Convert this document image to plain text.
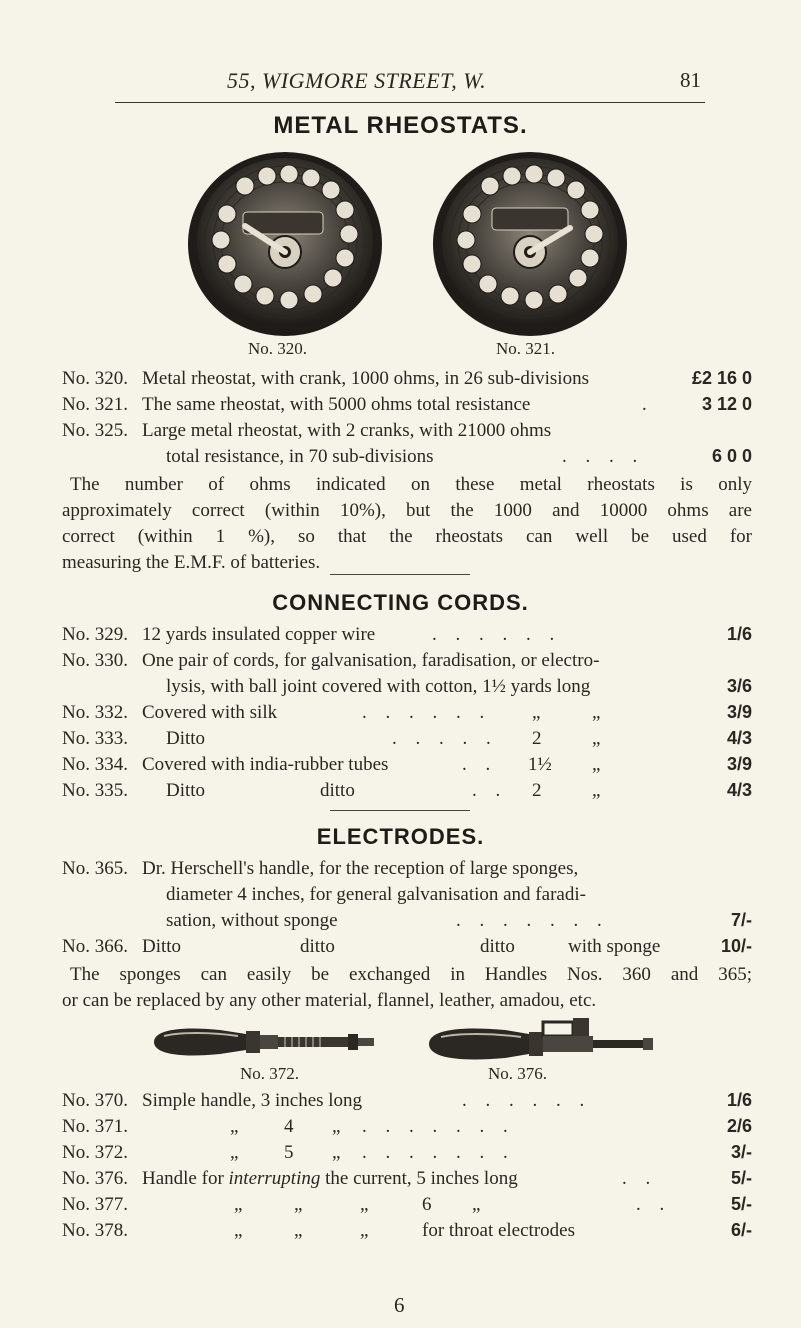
55, WIGMORE STREET, W.	81
METAL RHEOSTATS.
No. 320.	No. 321.
No. 320. Metal rheostat, with crank, 1000 ohms, in 26 sub-divisions	£2 16 0
No. 321. The same rheostat, with 5000 ohms total resistance	.	3 12 0
No. 325. Large metal rheostat, with 2 cranks, with 21000 ohms
total resistance, in 70 sub-divisions	. . . .	6 0 0
The number of ohms indicated on these metal rheostats is only
approximately correct (within 10%), but the 1000 and 10000 ohms are
correct (within 1 %), so that the rheostats can well be used for
measuring the E.M.F. of batteries.
CONNECTING CORDS.
No. 329. 12 yards insulated copper wire	. . . . . .	1/6
No. 330. One pair of cords, for galvanisation, faradisation, or electro-
lysis, with ball joint covered with cotton, 1½ yards long	3/6
No. 332. Covered with silk	. . . . . . „	„	3/9
No. 333. Ditto	. . . . . 2	„	4/3
No. 334. Covered with india-rubber tubes	. . 1½ „	3/9
No. 335. Ditto	ditto	. . 2	„	4/3
ELECTRODES.
No. 365. Dr. Herschell's handle, for the reception of large sponges,
diameter 4 inches, for general galvanisation and faradi-
sation, without sponge	. . . . . . .	7/-
No. 366. Ditto	ditto	ditto	with sponge	10/-
The sponges can easily be exchanged in Handles Nos. 360 and 365;
or can be replaced by any other material, flannel, leather, amadou, etc.
No. 372.	No. 376.
No. 370. Simple handle, 3 inches long	. . . . . .	1/6
No. 371.	„ 4 „ . . . . . . .	2/6
No. 372.	„ 5 „ . . . . . . .	3/-
No. 376. Handle for interrupting the current, 5 inches long	. .	5/-
No. 377.	„	„	„	6 „	. .	5/-
No. 378.	„	„	„	for throat electrodes	6/-
6
